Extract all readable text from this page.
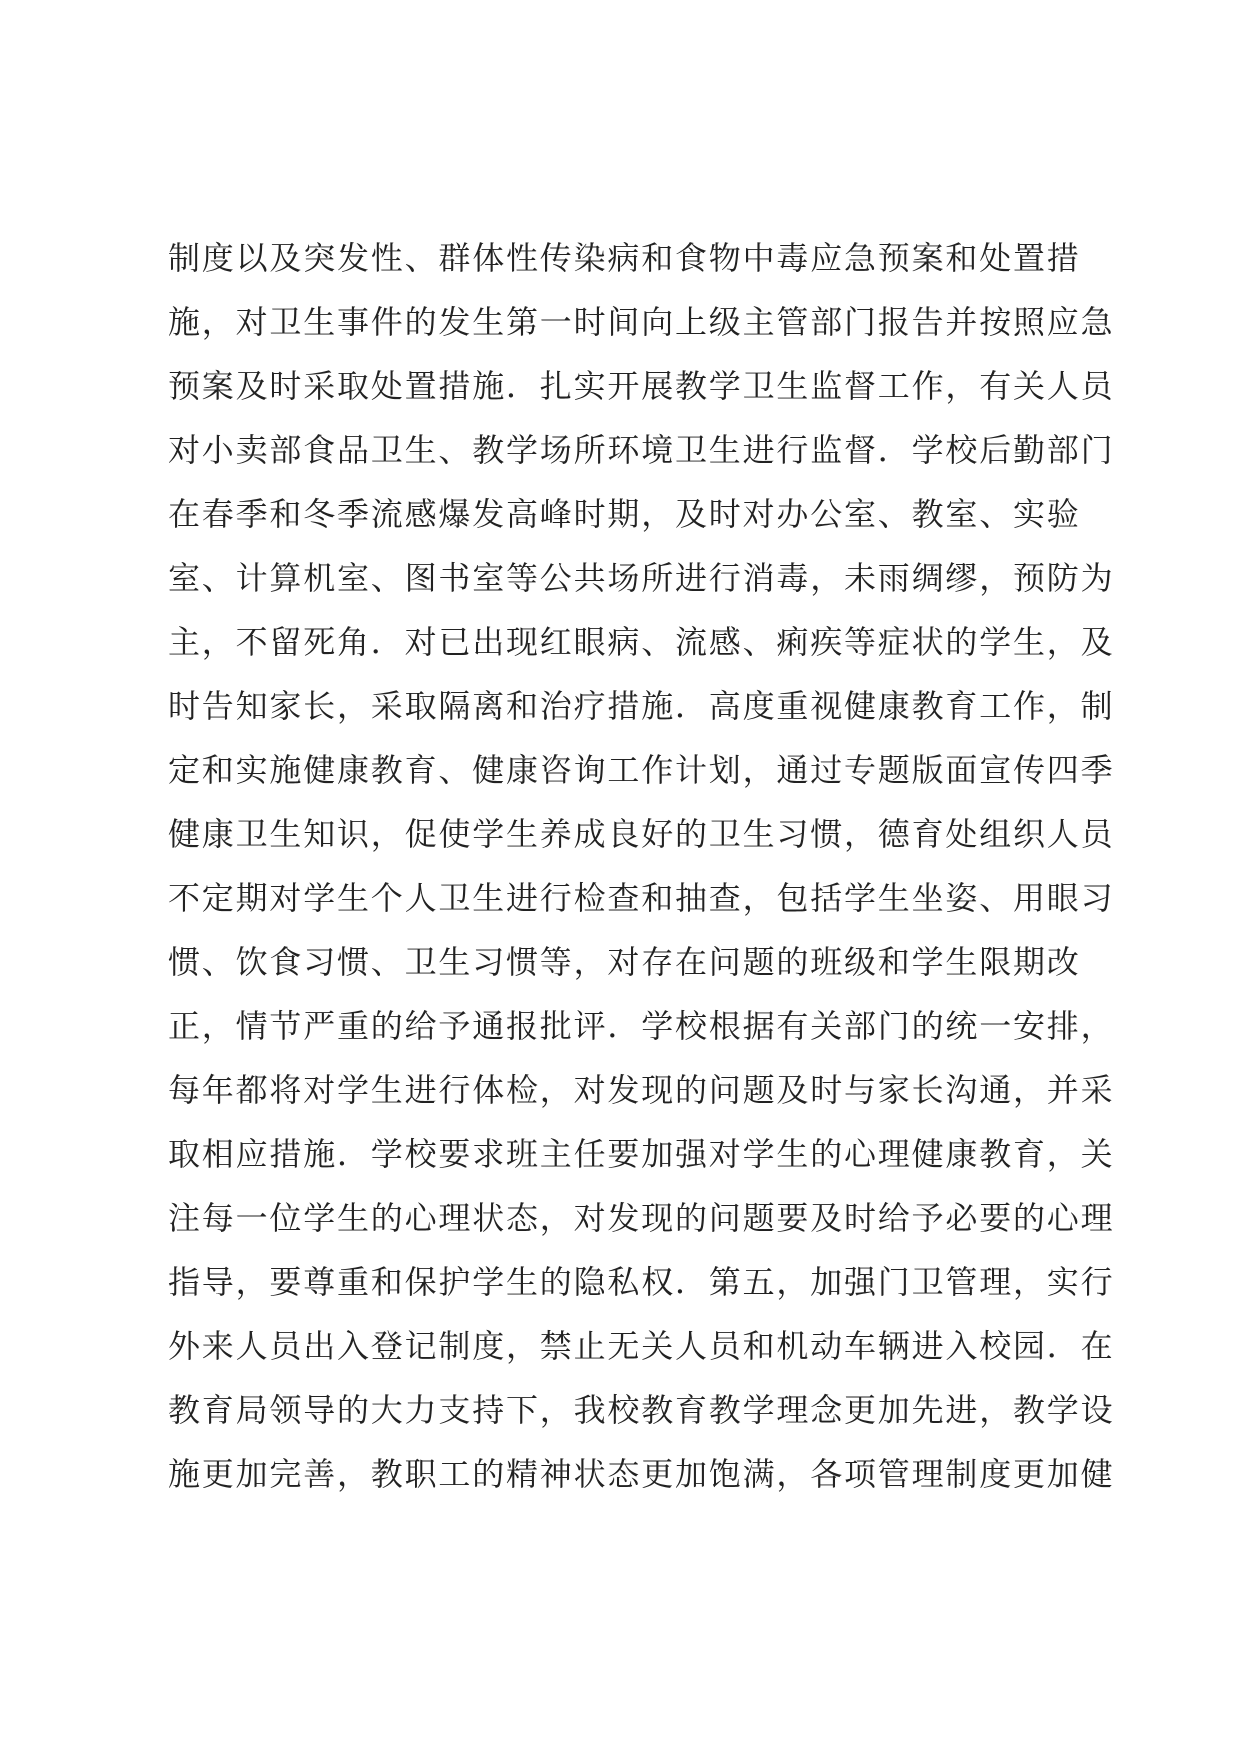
制度以及突发性、群体性传染病和食物中毒应急预案和处置措
施，对卫生事件的发生第一时间向上级主管部门报告并按照应急
预案及时采取处置措施．扎实开展教学卫生监督工作，有关人员
对小卖部食品卫生、教学场所环境卫生进行监督．学校后勤部门
在春季和冬季流感爆发高峰时期，及时对办公室、教室、实验
室、计算机室、图书室等公共场所进行消毒，未雨绸缪，预防为
主，不留死角．对已出现红眼病、流感、痢疾等症状的学生，及
时告知家长，采取隔离和治疗措施．高度重视健康教育工作，制
定和实施健康教育、健康咨询工作计划，通过专题版面宣传四季
健康卫生知识，促使学生养成良好的卫生习惯，德育处组织人员
不定期对学生个人卫生进行检查和抽查，包括学生坐姿、用眼习
惯、饮食习惯、卫生习惯等，对存在问题的班级和学生限期改
正，情节严重的给予通报批评．学校根据有关部门的统一安排，
每年都将对学生进行体检，对发现的问题及时与家长沟通，并采
取相应措施．学校要求班主任要加强对学生的心理健康教育，关
注每一位学生的心理状态，对发现的问题要及时给予必要的心理
指导，要尊重和保护学生的隐私权．第五，加强门卫管理，实行
外来人员出入登记制度，禁止无关人员和机动车辆进入校园．在
教育局领导的大力支持下，我校教育教学理念更加先进，教学设
施更加完善，教职工的精神状态更加饱满，各项管理制度更加健
